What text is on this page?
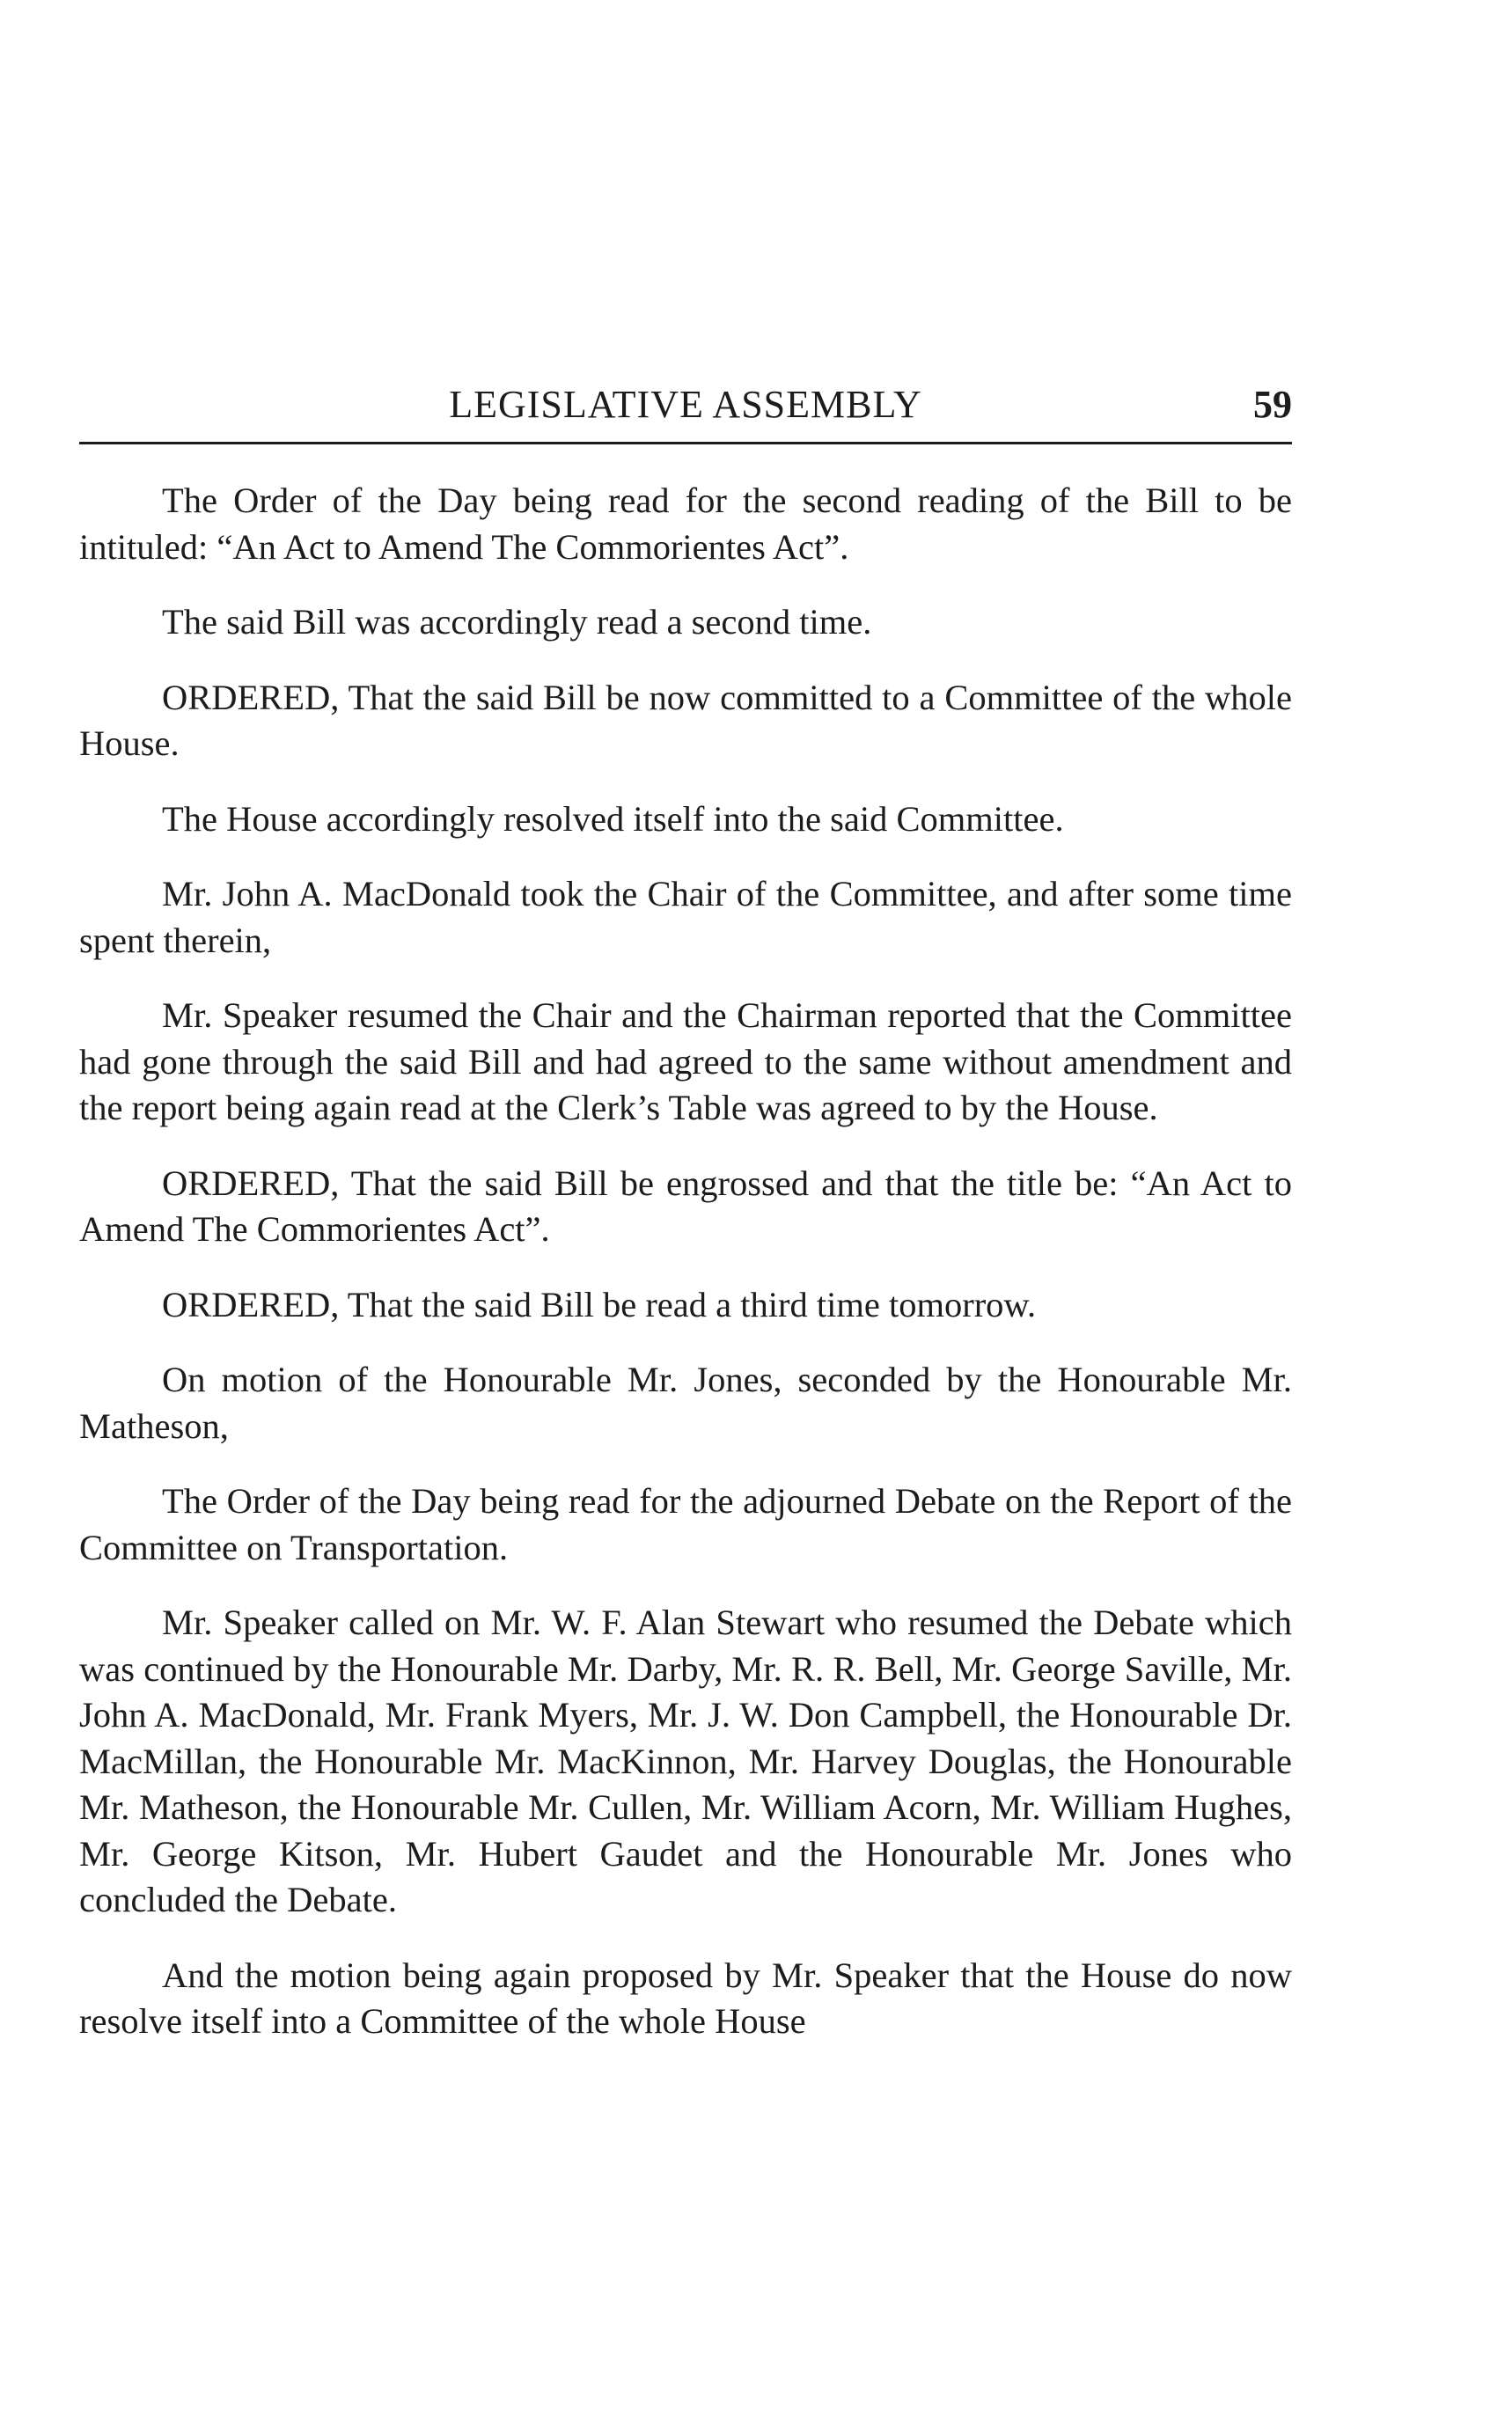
LEGISLATIVE ASSEMBLY	59

The Order of the Day being read for the second reading of the Bill to be intituled: “An Act to Amend The Commorientes Act”.

The said Bill was accordingly read a second time.

ORDERED, That the said Bill be now committed to a Committee of the whole House.

The House accordingly resolved itself into the said Committee.

Mr. John A. MacDonald took the Chair of the Committee, and after some time spent therein,

Mr. Speaker resumed the Chair and the Chairman reported that the Committee had gone through the said Bill and had agreed to the same without amendment and the report being again read at the Clerk’s Table was agreed to by the House.

ORDERED, That the said Bill be engrossed and that the title be: “An Act to Amend The Commorientes Act”.

ORDERED, That the said Bill be read a third time tomorrow.

On motion of the Honourable Mr. Jones, seconded by the Honourable Mr. Matheson,

The Order of the Day being read for the adjourned Debate on the Report of the Committee on Transportation.

Mr. Speaker called on Mr. W. F. Alan Stewart who resumed the Debate which was continued by the Honourable Mr. Darby, Mr. R. R. Bell, Mr. George Saville, Mr. John A. MacDonald, Mr. Frank Myers, Mr. J. W. Don Campbell, the Honourable Dr. MacMillan, the Honourable Mr. MacKinnon, Mr. Harvey Douglas, the Honourable Mr. Matheson, the Honourable Mr. Cullen, Mr. William Acorn, Mr. William Hughes, Mr. George Kitson, Mr. Hubert Gaudet and the Honourable Mr. Jones who concluded the Debate.

And the motion being again proposed by Mr. Speaker that the House do now resolve itself into a Committee of the whole House
